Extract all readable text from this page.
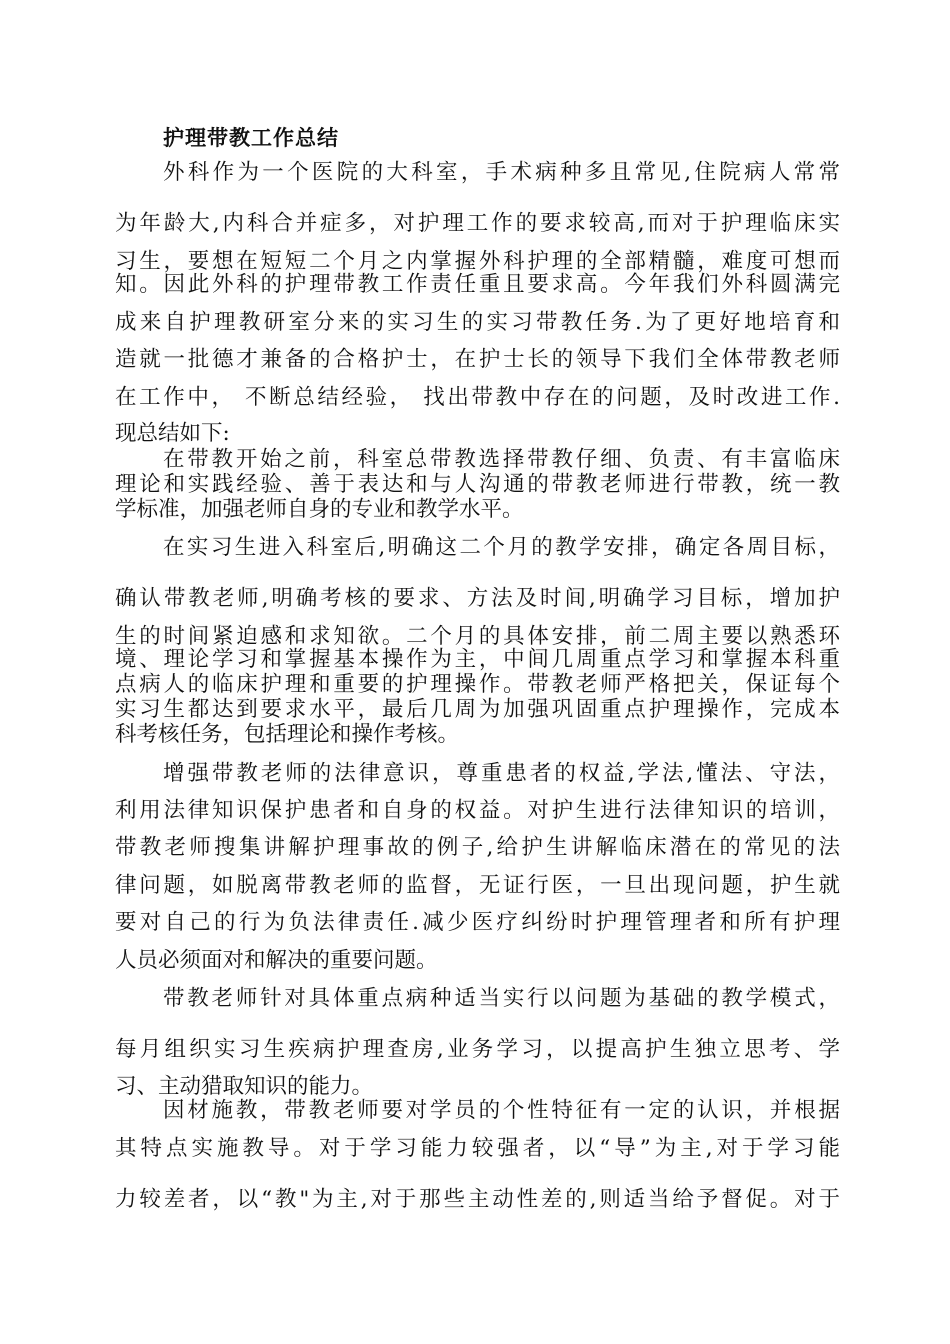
护理带教工作总结
外科作为一个医院的大科室，手术病种多且常见,住院病人常常
为年龄大,内科合并症多，对护理工作的要求较高,而对于护理临床实
习生，要想在短短二个月之内掌握外科护理的全部精髓，难度可想而
知。因此外科的护理带教工作责任重且要求高。今年我们外科圆满完
成来自护理教研室分来的实习生的实习带教任务.为了更好地培育和
造就一批德才兼备的合格护士，在护士长的领导下我们全体带教老师
在工作中， 不断总结经验， 找出带教中存在的问题，及时改进工作.
现总结如下:
在带教开始之前，科室总带教选择带教仔细、负责、有丰富临床
理论和实践经验、善于表达和与人沟通的带教老师进行带教，统一教
学标准，加强老师自身的专业和教学水平。
在实习生进入科室后,明确这二个月的教学安排，确定各周目标，
确认带教老师,明确考核的要求、方法及时间,明确学习目标，增加护
生的时间紧迫感和求知欲。二个月的具体安排，前二周主要以熟悉环
境、理论学习和掌握基本操作为主，中间几周重点学习和掌握本科重
点病人的临床护理和重要的护理操作。带教老师严格把关，保证每个
实习生都达到要求水平，最后几周为加强巩固重点护理操作，完成本
科考核任务，包括理论和操作考核。
增强带教老师的法律意识，尊重患者的权益,学法,懂法、守法，
利用法律知识保护患者和自身的权益。对护生进行法律知识的培训，
带教老师搜集讲解护理事故的例子,给护生讲解临床潜在的常见的法
律问题，如脱离带教老师的监督，无证行医，一旦出现问题，护生就
要对自己的行为负法律责任.减少医疗纠纷时护理管理者和所有护理
人员必须面对和解决的重要问题。
带教老师针对具体重点病种适当实行以问题为基础的教学模式，
每月组织实习生疾病护理查房,业务学习，以提高护生独立思考、学
习、主动猎取知识的能力。
因材施教，带教老师要对学员的个性特征有一定的认识，并根据
其特点实施教导。对于学习能力较强者，以“导”为主,对于学习能
力较差者，以“教"为主,对于那些主动性差的,则适当给予督促。对于
